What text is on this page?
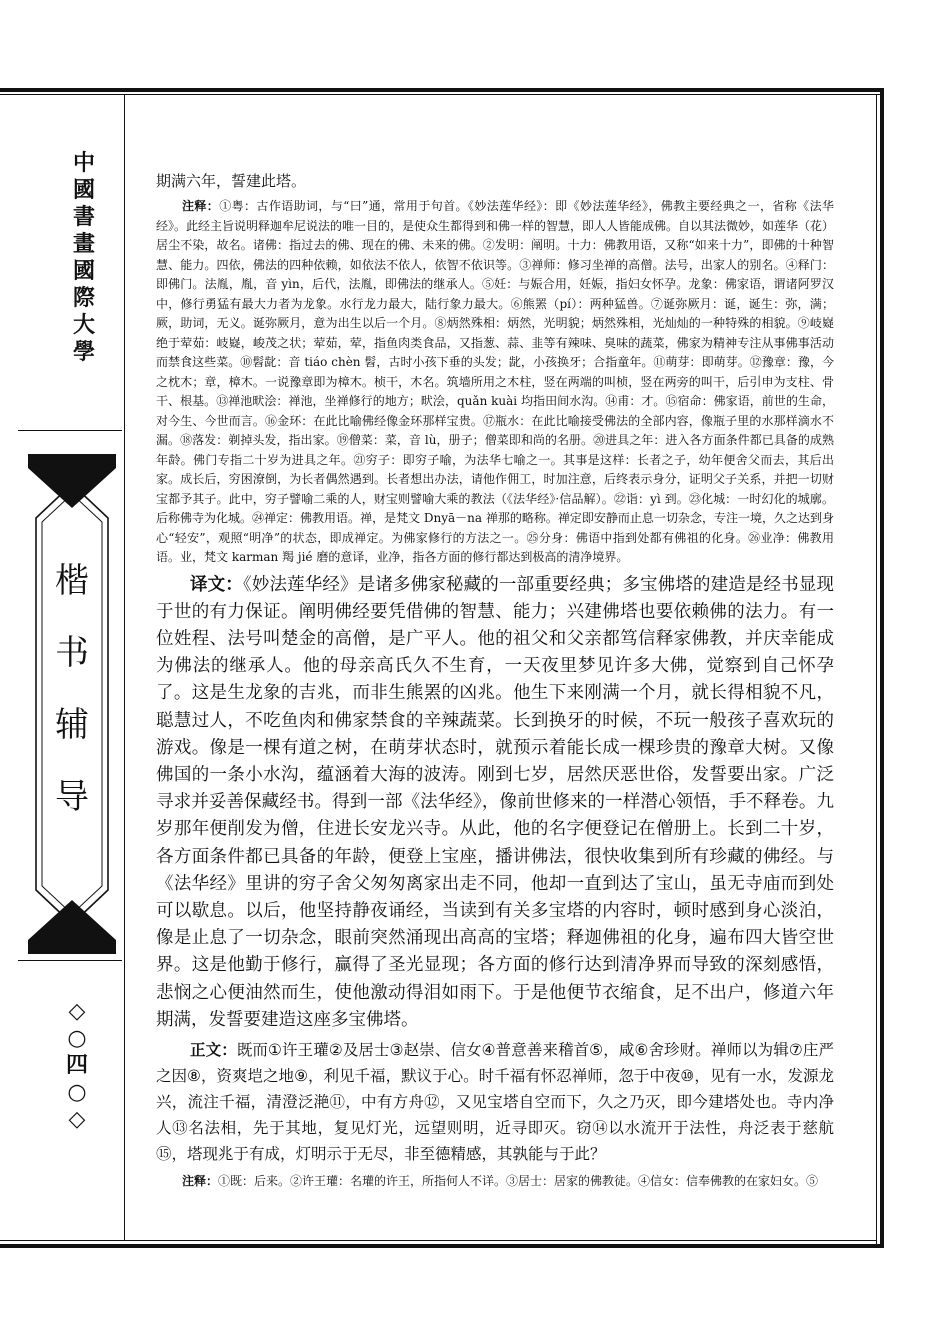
中
國
書
畫
國
際
大
學
楷
书
辅
导
◇
○
四
○
◇

期满六年，誓建此塔。

注释：①粤：古作语助词，与“曰”通，常用于句首。《妙法莲华经》：即《妙法莲华经》，佛教主要经典之一，省称《法华经》。此经主旨说明释迦牟尼说法的唯一目的，是使众生都得到和佛一样的智慧，即人人皆能成佛。自以其法微妙，如莲华（花）居尘不染，故名。诸佛：指过去的佛、现在的佛、未来的佛。②发明：阐明。十力：佛教用语，又称“如来十力”，即佛的十种智慧、能力。四依，佛法的四种依赖，如依法不依人，依智不依识等。③禅师：修习坐禅的高僧。法号，出家人的别名。④释门：即佛门。法胤，胤，音 yìn，后代，法胤，即佛法的继承人。⑤妊：与娠合用，妊娠，指妇女怀孕。龙象：佛家语，谓诸阿罗汉中，修行勇猛有最大力者为龙象。水行龙力最大，陆行象力最大。⑥熊罴（pí）：两种猛兽。⑦诞弥厥月：诞，诞生：弥，满；厥，助词，无义。诞弥厥月，意为出生以后一个月。⑧炳然殊相：炳然，光明貌；炳然殊相，光灿灿的一种特殊的相貌。⑨岐嶷绝于荤茹：岐嶷，峻茂之状；荤茹，荤，指鱼肉类食品，又指葱、蒜、韭等有辣味、臭味的蔬菜，佛家为精神专注从事佛事活动而禁食这些菜。⑩髫龀：音 tiáo chèn 髫，古时小孩下垂的头发；龀，小孩换牙；合指童年。⑪萌芽：即萌芽。⑫豫章：豫，今之枕木；章，樟木。一说豫章即为樟木。桢干，木名。筑墙所用之木柱，竖在两端的叫桢，竖在两旁的叫干，后引申为支柱、骨干、根基。⑬禅池畎浍：禅池，坐禅修行的地方；畎浍，quǎn kuài 均指田间水沟。⑭甫：才。⑮宿命：佛家语，前世的生命，对今生、今世而言。⑯金环：在此比喻佛经像金环那样宝贵。⑰瓶水：在此比喻接受佛法的全部内容，像瓶子里的水那样滴水不漏。⑱落发：剃掉头发，指出家。⑲僧菜：菜，音 lù，册子；僧菜即和尚的名册。⑳进具之年：进入各方面条件都已具备的成熟年龄。佛门专指二十岁为进具之年。㉑穷子：即穷子喻，为法华七喻之一。其事是这样：长者之子，幼年便舍父而去，其后出家。成长后，穷困潦倒，为长者偶然遇到。长者想出办法，请他作佣工，时加注意，后终表示身分，证明父子关系，并把一切财宝都予其子。此中，穷子譬喻二乘的人，财宝则譬喻大乘的教法（《法华经》·信品解）。㉒诣：yì 到。㉓化城：一时幻化的城廓。后称佛寺为化城。㉔禅定：佛教用语。禅，是梵文 Dnyā－na 禅那的略称。禅定即安静而止息一切杂念，专注一境，久之达到身心“轻安”，观照“明净”的状态，即成禅定。为佛家修行的方法之一。㉕分身：佛语中指到处都有佛祖的化身。㉖业净：佛教用语。业，梵文 karman 羯 jié 磨的意译，业净，指各方面的修行都达到极高的清净境界。

译文：《妙法莲华经》是诸多佛家秘藏的一部重要经典；多宝佛塔的建造是经书显现于世的有力保证。阐明佛经要凭借佛的智慧、能力；兴建佛塔也要依赖佛的法力。有一位姓程、法号叫楚金的高僧，是广平人。他的祖父和父亲都笃信释家佛教，并庆幸能成为佛法的继承人。他的母亲高氏久不生育，一天夜里梦见许多大佛，觉察到自己怀孕了。这是生龙象的吉兆，而非生熊罴的凶兆。他生下来刚满一个月，就长得相貌不凡，聪慧过人，不吃鱼肉和佛家禁食的辛辣蔬菜。长到换牙的时候，不玩一般孩子喜欢玩的游戏。像是一棵有道之树，在萌芽状态时，就预示着能长成一棵珍贵的豫章大树。又像佛国的一条小水沟，蕴涵着大海的波涛。刚到七岁，居然厌恶世俗，发誓要出家。广泛寻求并妥善保藏经书。得到一部《法华经》，像前世修来的一样潜心领悟，手不释卷。九岁那年便削发为僧，住进长安龙兴寺。从此，他的名字便登记在僧册上。长到二十岁，各方面条件都已具备的年龄，便登上宝座，播讲佛法，很快收集到所有珍藏的佛经。与《法华经》里讲的穷子舍父匆匆离家出走不同，他却一直到达了宝山，虽无寺庙而到处可以歇息。以后，他坚持静夜诵经，当读到有关多宝塔的内容时，顿时感到身心淡泊，像是止息了一切杂念，眼前突然涌现出高高的宝塔；释迦佛祖的化身，遍布四大皆空世界。这是他勤于修行，赢得了圣光显现；各方面的修行达到清净界而导致的深刻感悟，悲悯之心便油然而生，使他激动得泪如雨下。于是他便节衣缩食，足不出户，修道六年期满，发誓要建造这座多宝佛塔。

正文：既而①许王瓘②及居士③赵崇、信女④普意善来稽首⑤，咸⑥舍珍财。禅师以为辑⑦庄严之因⑧，资爽垲之地⑨，利见千福，默议于心。时千福有怀忍禅师，忽于中夜⑩，见有一水，发源龙兴，流注千福，清澄泛滟⑪，中有方舟⑫，又见宝塔自空而下，久之乃灭，即今建塔处也。寺内净人⑬名法相，先于其地，复见灯光，远望则明，近寻即灭。窃⑭以水流开于法性，舟泛表于慈航⑮，塔现兆于有成，灯明示于无尽，非至德精感，其孰能与于此？

注释：①既：后来。②许王瓘：名瓘的许王，所指何人不详。③居士：居家的佛教徒。④信女：信奉佛教的在家妇女。⑤
